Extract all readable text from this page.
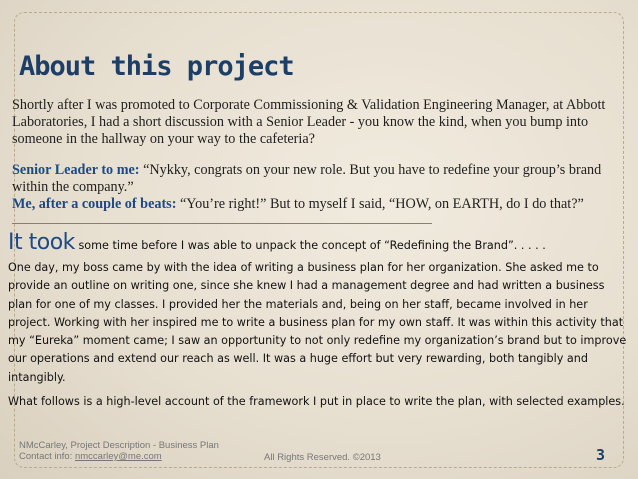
About this project

Shortly after I was promoted to Corporate Commissioning & Validation Engineering Manager, at Abbott Laboratories, I had a short discussion with a Senior Leader - you know the kind, when you bump into someone in the hallway on your way to the cafeteria?

Senior Leader to me: “Nykky, congrats on your new role. But you have to redefine your group’s brand within the company.”

Me, after a couple of beats: “You’re right!” But to myself I said, “HOW, on EARTH, do I do that?”

It took some time before I was able to unpack the concept of “Redefining the Brand”. . . . .

One day, my boss came by with the idea of writing a business plan for her organization. She asked me to provide an outline on writing one, since she knew I had a management degree and had written a business plan for one of my classes. I provided her the materials and, being on her staff, became involved in her project. Working with her inspired me to write a business plan for my own staff. It was within this activity that my “Eureka” moment came; I saw an opportunity to not only redefine my organization’s brand but to improve our operations and extend our reach as well. It was a huge effort but very rewarding, both tangibly and intangibly.

What follows is a high-level account of the framework I put in place to write the plan, with selected examples.

NMcCarley, Project Description - Business Plan
Contact info: nmccarley@me.com	All Rights Reserved. ©2013	3
